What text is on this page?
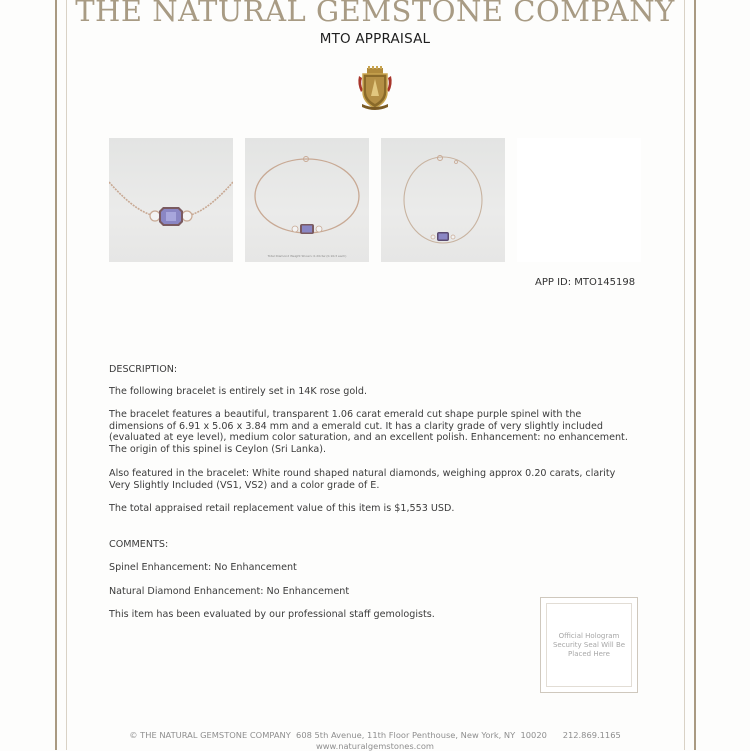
THE NATURAL GEMSTONE COMPANY
MTO APPRAISAL
Total Diamond Weight Shown: 0.20ctw (0.10ct each)
APP ID: MTO145198
DESCRIPTION:
The following bracelet is entirely set in 14K rose gold.
The bracelet features a beautiful, transparent 1.06 carat emerald cut shape purple spinel with the dimensions of 6.91 x 5.06 x 3.84 mm and a emerald cut. It has a clarity grade of very slightly included (evaluated at eye level), medium color saturation, and an excellent polish. Enhancement: no enhancement. The origin of this spinel is Ceylon (Sri Lanka).
Also featured in the bracelet: White round shaped natural diamonds, weighing approx 0.20 carats, clarity Very Slightly Included (VS1, VS2) and a color grade of E.
The total appraised retail replacement value of this item is $1,553 USD.
COMMENTS:
Spinel Enhancement: No Enhancement
Natural Diamond Enhancement: No Enhancement
This item has been evaluated by our professional staff gemologists.
Official Hologram Security Seal Will Be Placed Here
© THE NATURAL GEMSTONE COMPANY  608 5th Avenue, 11th Floor Penthouse, New York, NY  10020      212.869.1165
www.naturalgemstones.com
